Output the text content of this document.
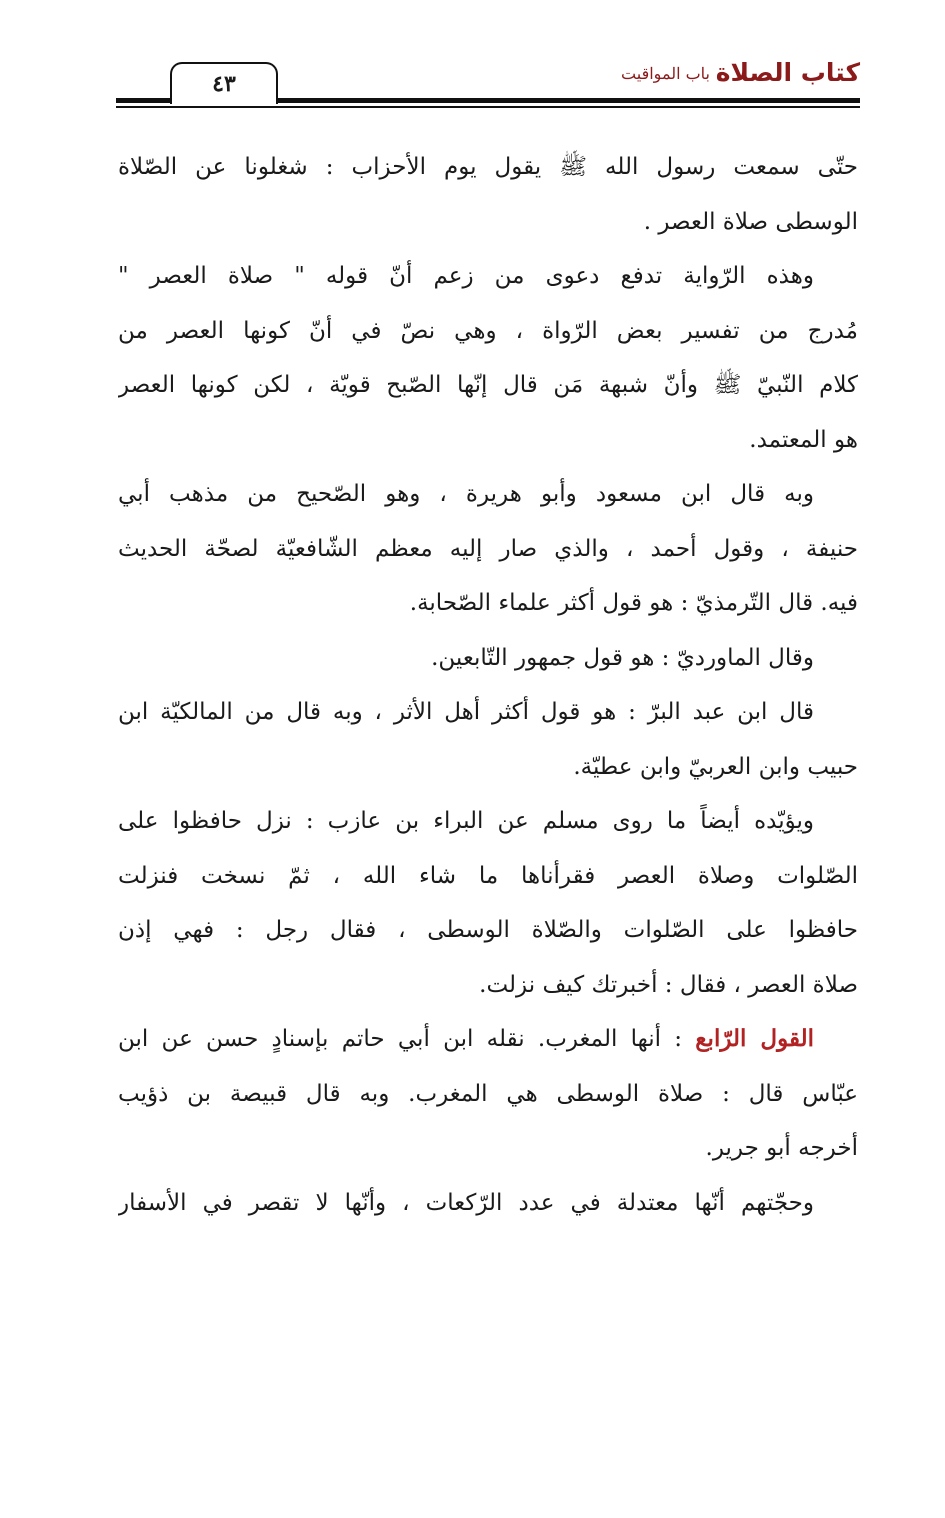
كتاب الصلاة
باب المواقيت
٤٣
حتّى سمعت رسول الله ﷺ يقول يوم الأحزاب : شغلونا عن الصّلاة
الوسطى صلاة العصر .
وهذه الرّواية تدفع دعوى من زعم أنّ قوله " صلاة العصر "
مُدرج من تفسير بعض الرّواة ، وهي نصّ في أنّ كونها العصر من
كلام النّبيّ ﷺ وأنّ شبهة مَن قال إنّها الصّبح قويّة ، لكن كونها العصر
هو المعتمد.
وبه قال ابن مسعود وأبو هريرة ، وهو الصّحيح من مذهب أبي
حنيفة ، وقول أحمد ، والذي صار إليه معظم الشّافعيّة لصحّة الحديث
فيه. قال التّرمذيّ : هو قول أكثر علماء الصّحابة.
وقال الماورديّ : هو قول جمهور التّابعين.
قال ابن عبد البرّ : هو قول أكثر أهل الأثر ، وبه قال من المالكيّة ابن
حبيب وابن العربيّ وابن عطيّة.
ويؤيّده أيضاً ما روى مسلم عن البراء بن عازب : نزل حافظوا على
الصّلوات وصلاة العصر فقرأناها ما شاء الله ، ثمّ نسخت فنزلت
حافظوا على الصّلوات والصّلاة الوسطى ، فقال رجل : فهي إذن
صلاة العصر ، فقال : أخبرتك كيف نزلت.
القول الرّابع : أنها المغرب. نقله ابن أبي حاتم بإسنادٍ حسن عن ابن
عبّاس قال : صلاة الوسطى هي المغرب. وبه قال قبيصة بن ذؤيب
أخرجه أبو جرير.
وحجّتهم أنّها معتدلة في عدد الرّكعات ، وأنّها لا تقصر في الأسفار
